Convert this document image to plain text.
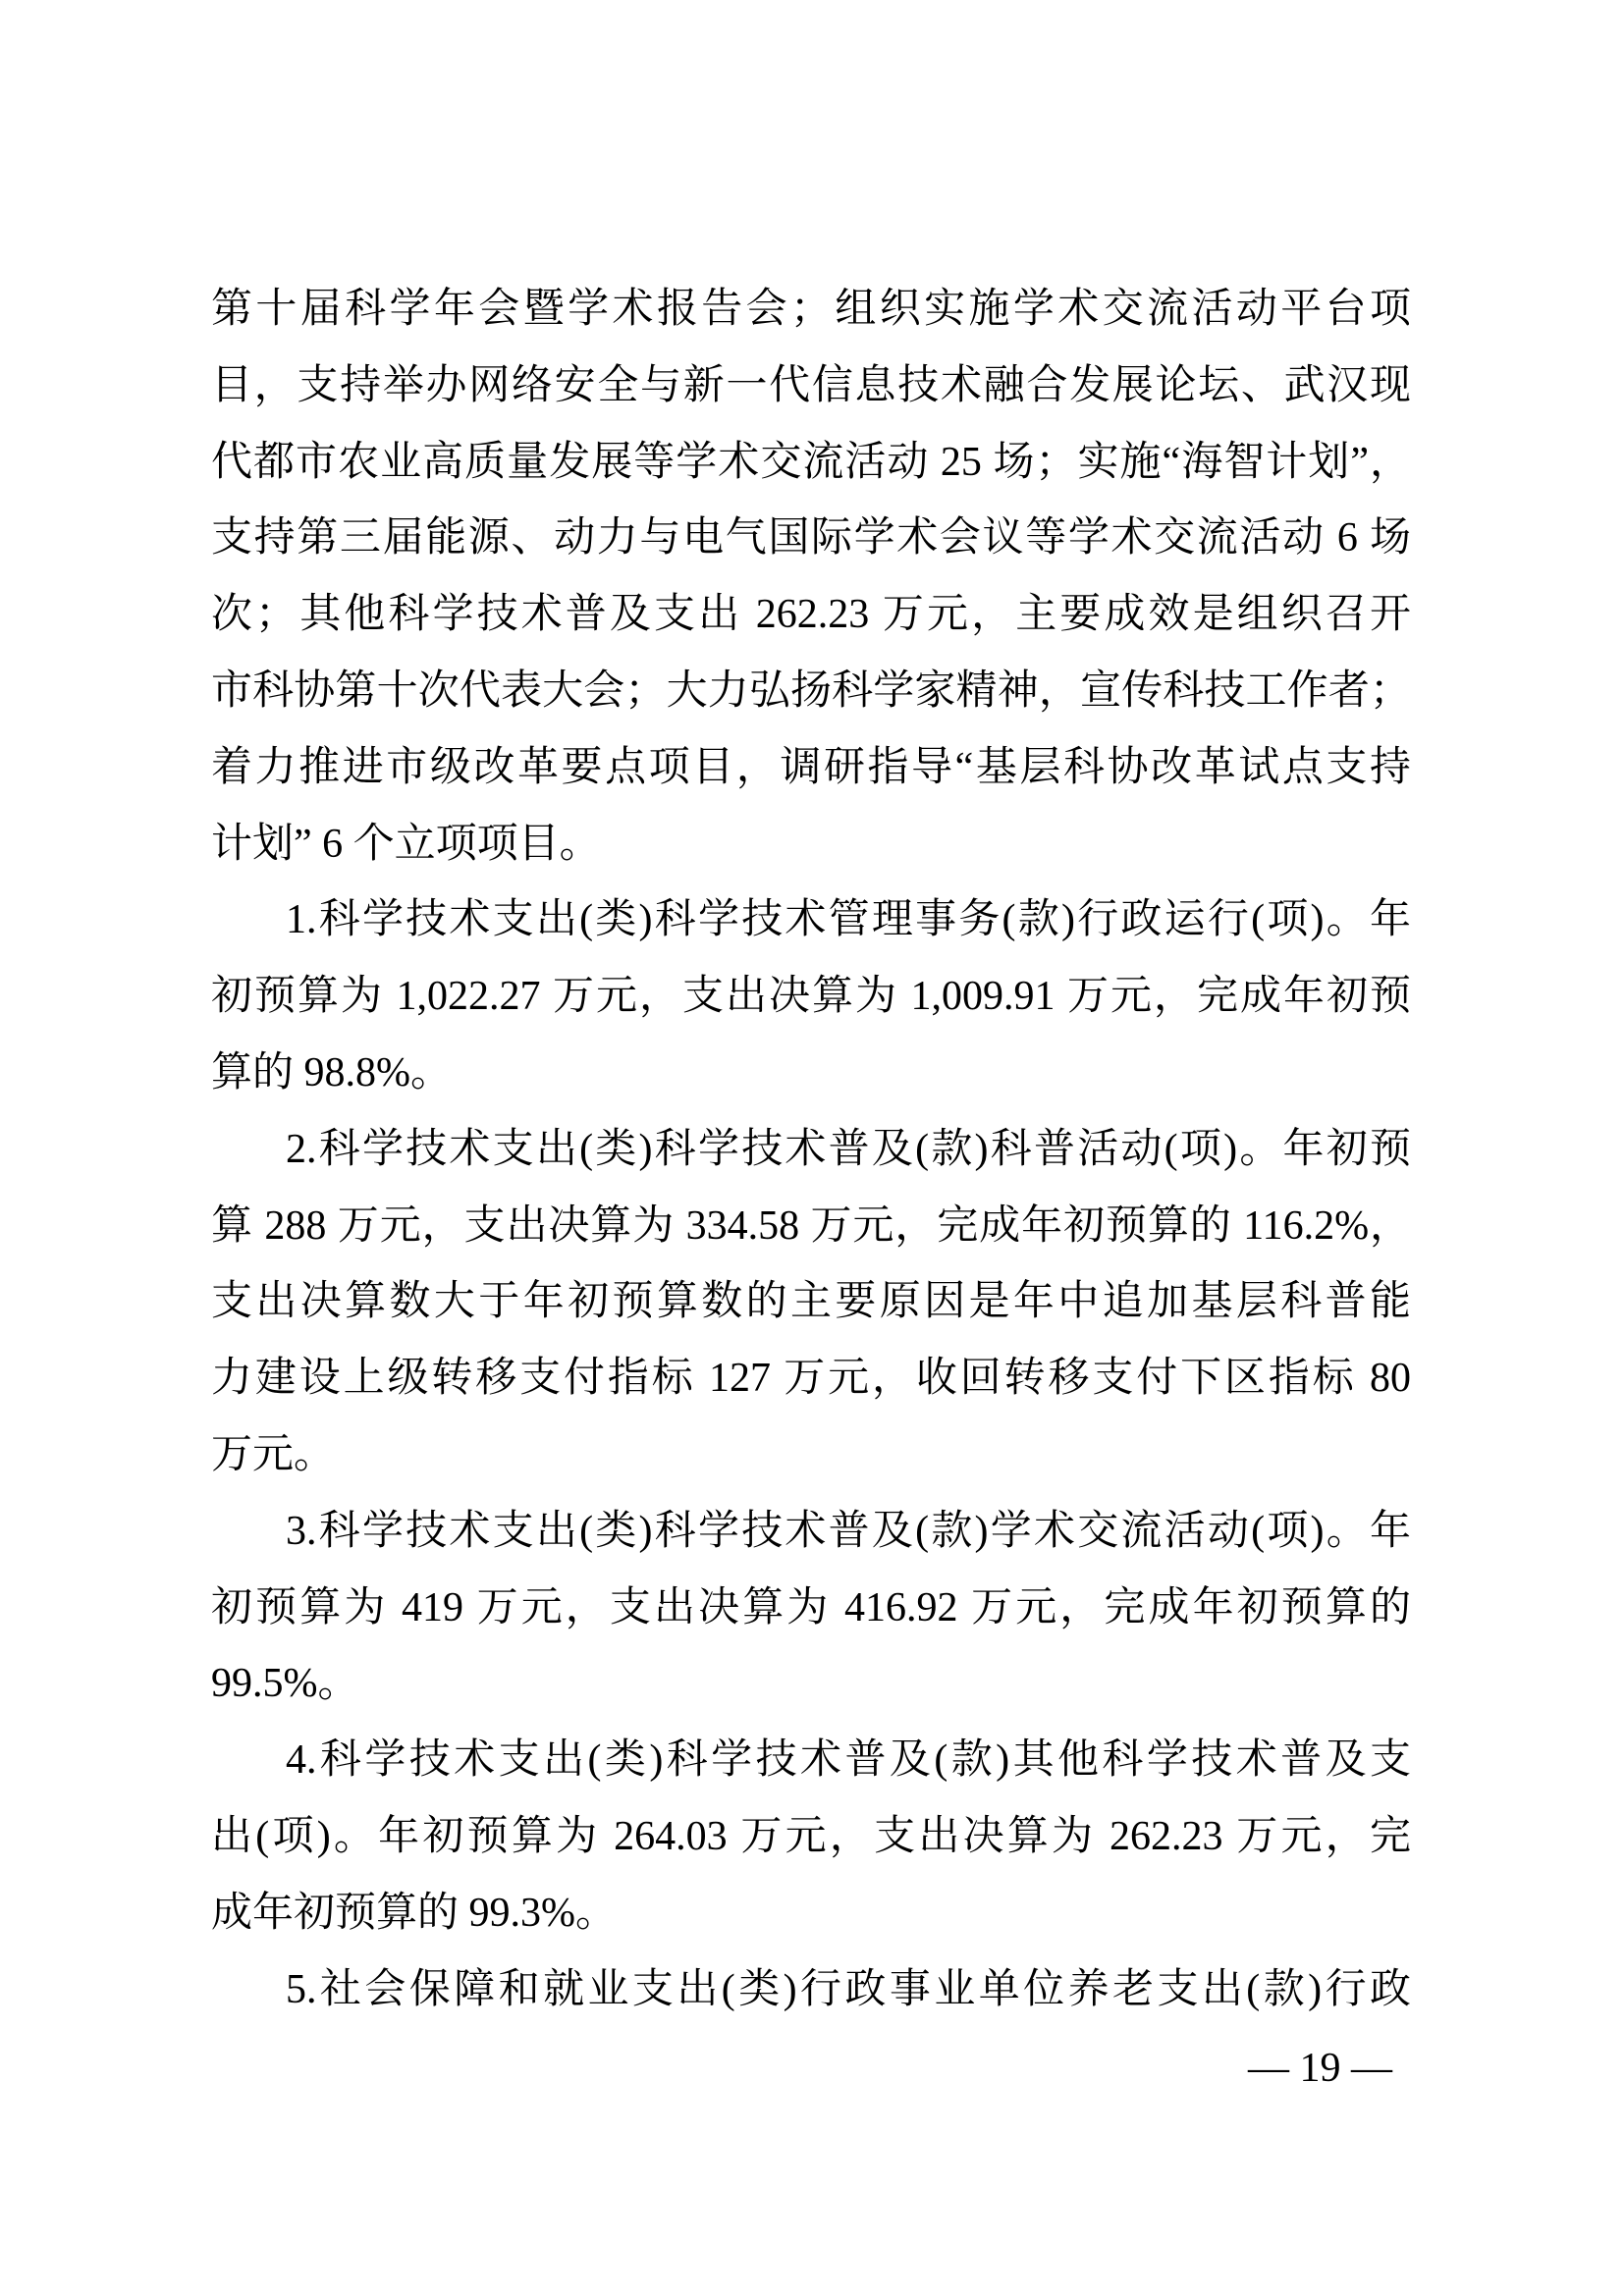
第十届科学年会暨学术报告会；组织实施学术交流活动平台项
目，支持举办网络安全与新一代信息技术融合发展论坛、武汉现
代都市农业高质量发展等学术交流活动 25 场；实施“海智计划”，
支持第三届能源、动力与电气国际学术会议等学术交流活动 6 场
次；其他科学技术普及支出 262.23 万元，主要成效是组织召开
市科协第十次代表大会；大力弘扬科学家精神，宣传科技工作者；
着力推进市级改革要点项目，调研指导“基层科协改革试点支持
计划” 6 个立项项目。

1.科学技术支出(类)科学技术管理事务(款)行政运行(项)。年
初预算为 1,022.27 万元，支出决算为 1,009.91 万元，完成年初预
算的 98.8%。

2.科学技术支出(类)科学技术普及(款)科普活动(项)。年初预
算 288 万元，支出决算为 334.58 万元，完成年初预算的 116.2%，
支出决算数大于年初预算数的主要原因是年中追加基层科普能
力建设上级转移支付指标 127 万元，收回转移支付下区指标 80
万元。

3.科学技术支出(类)科学技术普及(款)学术交流活动(项)。年
初预算为 419 万元，支出决算为 416.92 万元，完成年初预算的
99.5%。

4.科学技术支出(类)科学技术普及(款)其他科学技术普及支
出(项)。年初预算为 264.03 万元，支出决算为 262.23 万元，完
成年初预算的 99.3%。

5.社会保障和就业支出(类)行政事业单位养老支出(款)行政

— 19 —
